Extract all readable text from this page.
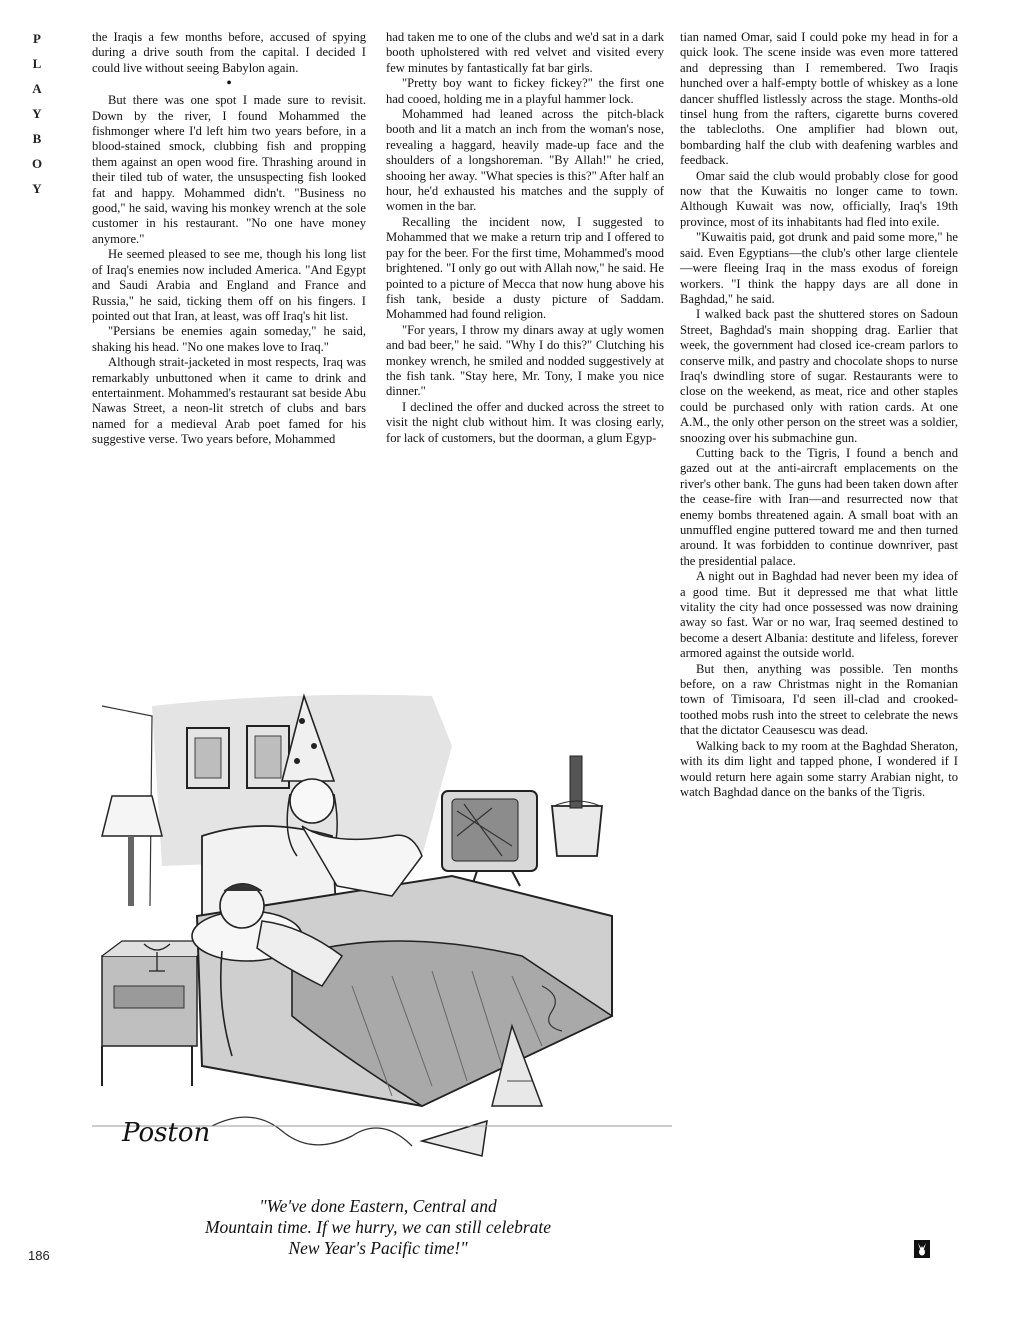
P
L
A
Y
B
O
Y

the Iraqis a few months before, accused of spying during a drive south from the capital. I decided I could live without seeing Babylon again.

•

But there was one spot I made sure to revisit. Down by the river, I found Mohammed the fishmonger where I'd left him two years before, in a blood-stained smock, clubbing fish and propping them against an open wood fire. Thrashing around in their tiled tub of water, the unsuspecting fish looked fat and happy. Mohammed didn't. "Business no good," he said, waving his monkey wrench at the sole customer in his restaurant. "No one have money anymore."

He seemed pleased to see me, though his long list of Iraq's enemies now included America. "And Egypt and Saudi Arabia and England and France and Russia," he said, ticking them off on his fingers. I pointed out that Iran, at least, was off Iraq's hit list.

"Persians be enemies again someday," he said, shaking his head. "No one makes love to Iraq."

Although strait-jacketed in most respects, Iraq was remarkably unbuttoned when it came to drink and entertainment. Mohammed's restaurant sat beside Abu Nawas Street, a neon-lit stretch of clubs and bars named for a medieval Arab poet famed for his suggestive verse. Two years before, Mohammed

had taken me to one of the clubs and we'd sat in a dark booth upholstered with red velvet and visited every few minutes by fantastically fat bar girls.

"Pretty boy want to fickey fickey?" the first one had cooed, holding me in a playful hammer lock.

Mohammed had leaned across the pitch-black booth and lit a match an inch from the woman's nose, revealing a haggard, heavily made-up face and the shoulders of a longshoreman. "By Allah!" he cried, shooing her away. "What species is this?" After half an hour, he'd exhausted his matches and the supply of women in the bar.

Recalling the incident now, I suggested to Mohammed that we make a return trip and I offered to pay for the beer. For the first time, Mohammed's mood brightened. "I only go out with Allah now," he said. He pointed to a picture of Mecca that now hung above his fish tank, beside a dusty picture of Saddam. Mohammed had found religion.

"For years, I throw my dinars away at ugly women and bad beer," he said. "Why I do this?" Clutching his monkey wrench, he smiled and nodded suggestively at the fish tank. "Stay here, Mr. Tony, I make you nice dinner."

I declined the offer and ducked across the street to visit the night club without him. It was closing early, for lack of customers, but the doorman, a glum Egyp-

tian named Omar, said I could poke my head in for a quick look. The scene inside was even more tattered and depressing than I remembered. Two Iraqis hunched over a half-empty bottle of whiskey as a lone dancer shuffled listlessly across the stage. Months-old tinsel hung from the rafters, cigarette burns covered the tablecloths. One amplifier had blown out, bombarding half the club with deafening warbles and feedback.

Omar said the club would probably close for good now that the Kuwaitis no longer came to town. Although Kuwait was now, officially, Iraq's 19th province, most of its inhabitants had fled into exile.

"Kuwaitis paid, got drunk and paid some more," he said. Even Egyptians—the club's other large clientele—were fleeing Iraq in the mass exodus of foreign workers. "I think the happy days are all done in Baghdad," he said.

I walked back past the shuttered stores on Sadoun Street, Baghdad's main shopping drag. Earlier that week, the government had closed ice-cream parlors to conserve milk, and pastry and chocolate shops to nurse Iraq's dwindling store of sugar. Restaurants were to close on the weekend, as meat, rice and other staples could be purchased only with ration cards. At one A.M., the only other person on the street was a soldier, snoozing over his submachine gun.

Cutting back to the Tigris, I found a bench and gazed out at the anti-aircraft emplacements on the river's other bank. The guns had been taken down after the cease-fire with Iran—and resurrected now that enemy bombs threatened again. A small boat with an unmuffled engine puttered toward me and then turned around. It was forbidden to continue downriver, past the presidential palace.

A night out in Baghdad had never been my idea of a good time. But it depressed me that what little vitality the city had once possessed was now draining away so fast. War or no war, Iraq seemed destined to become a desert Albania: destitute and lifeless, forever armored against the outside world.

But then, anything was possible. Ten months before, on a raw Christmas night in the Romanian town of Timisoara, I'd seen ill-clad and crooked-toothed mobs rush into the street to celebrate the news that the dictator Ceausescu was dead.

Walking back to my room at the Baghdad Sheraton, with its dim light and tapped phone, I wondered if I would return here again some starry Arabian night, to watch Baghdad dance on the banks of the Tigris.

Poston
"We've done Eastern, Central and
Mountain time. If we hurry, we can still celebrate
New Year's Pacific time!"
186
